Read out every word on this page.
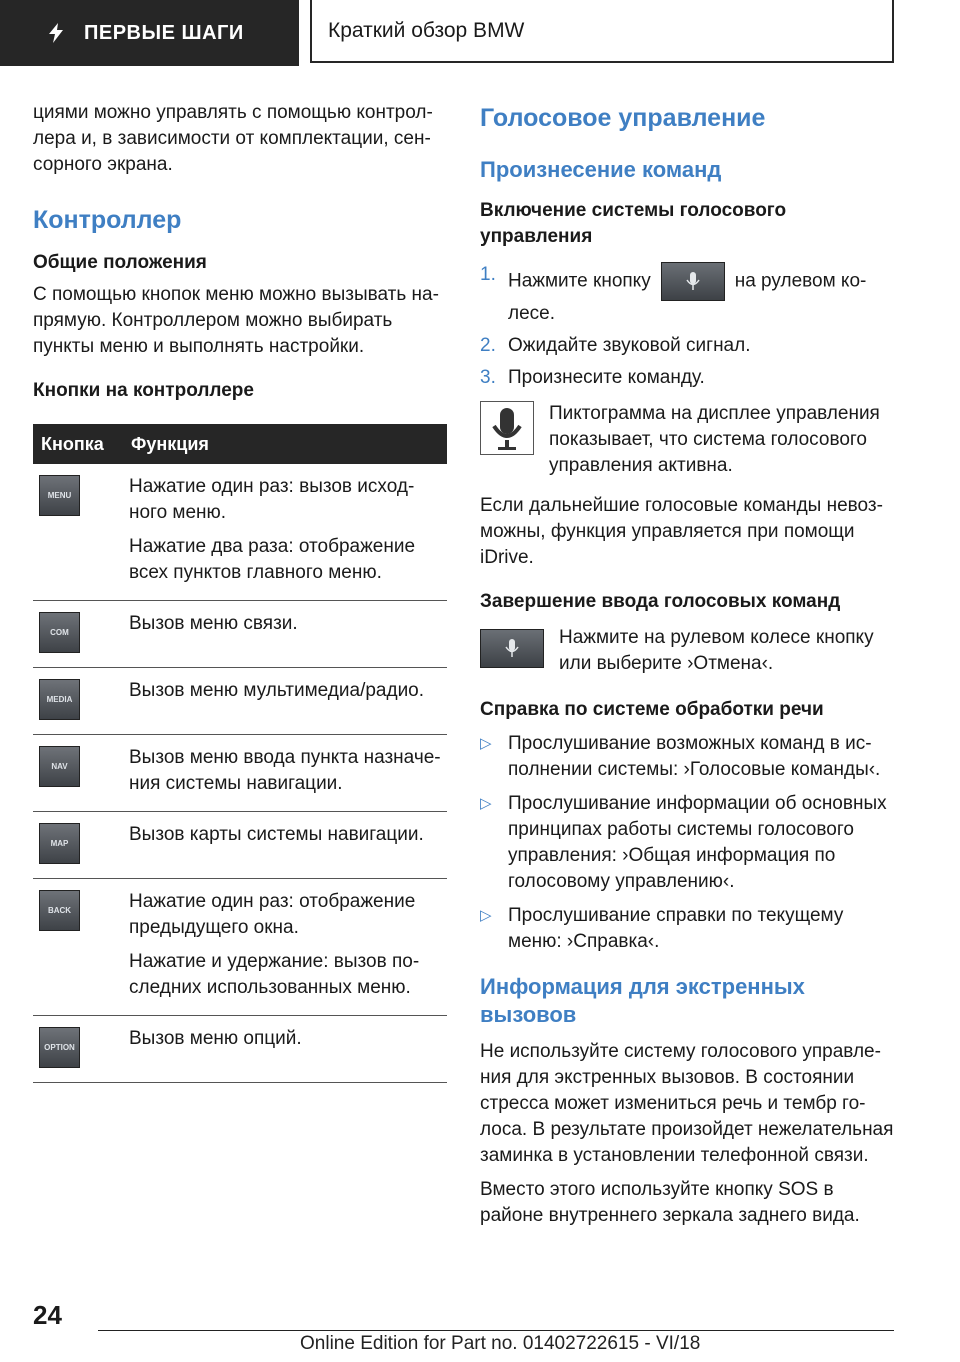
ПЕРВЫЕ ШАГИ	Краткий обзор BMW

циями можно управлять с помощью контрол-лера и, в зависимости от комплектации, сен-сорного экрана.

Контроллер
Общие положения

С помощью кнопок меню можно вызывать на-прямую. Контроллером можно выбирать пункты меню и выполнять настройки.

Кнопки на контроллере
Кнопка	Функция
MENU	Нажатие один раз: вызов исход-ного меню.

Нажатие два раза: отображение всех пунктов главного меню.

COM	Вызов меню связи.

MEDIA	Вызов меню мультимедиа/радио.

NAV	Вызов меню ввода пункта назначе-ния системы навигации.

MAP	Вызов карты системы навигации.

BACK	Нажатие один раз: отображение предыдущего окна.

Нажатие и удержание: вызов по-следних использованных меню.

OPTION	Вызов меню опций.

Голосовое управление
Произнесение команд
Включение системы голосового управления
1. Нажмите кнопку	на рулевом ко-лесе.
2. Ожидайте звуковой сигнал.
3. Произнесите команду.

Пиктограмма на дисплее управления показывает, что система голосового управления активна.

Если дальнейшие голосовые команды невоз-можны, функция управляется при помощи iDrive.

Завершение ввода голосовых команд

Нажмите на рулевом колесе кнопку или выберите ›Отмена‹.

Справка по системе обработки речи
▷ Прослушивание возможных команд в ис-полнении системы: ›Голосовые команды‹.
▷ Прослушивание информации об основных принципах работы системы голосового управления: ›Общая информация по голосовому управлению‹.
▷ Прослушивание справки по текущему меню: ›Справка‹.
Информация для экстренных вызовов

Не используйте систему голосового управле-ния для экстренных вызовов. В состоянии стресса может измениться речь и тембр го-лоса. В результате произойдет нежелательная заминка в установлении телефонной связи.

Вместо этого используйте кнопку SOS в районе внутреннего зеркала заднего вида.

24
Online Edition for Part no. 01402722615 - VI/18
